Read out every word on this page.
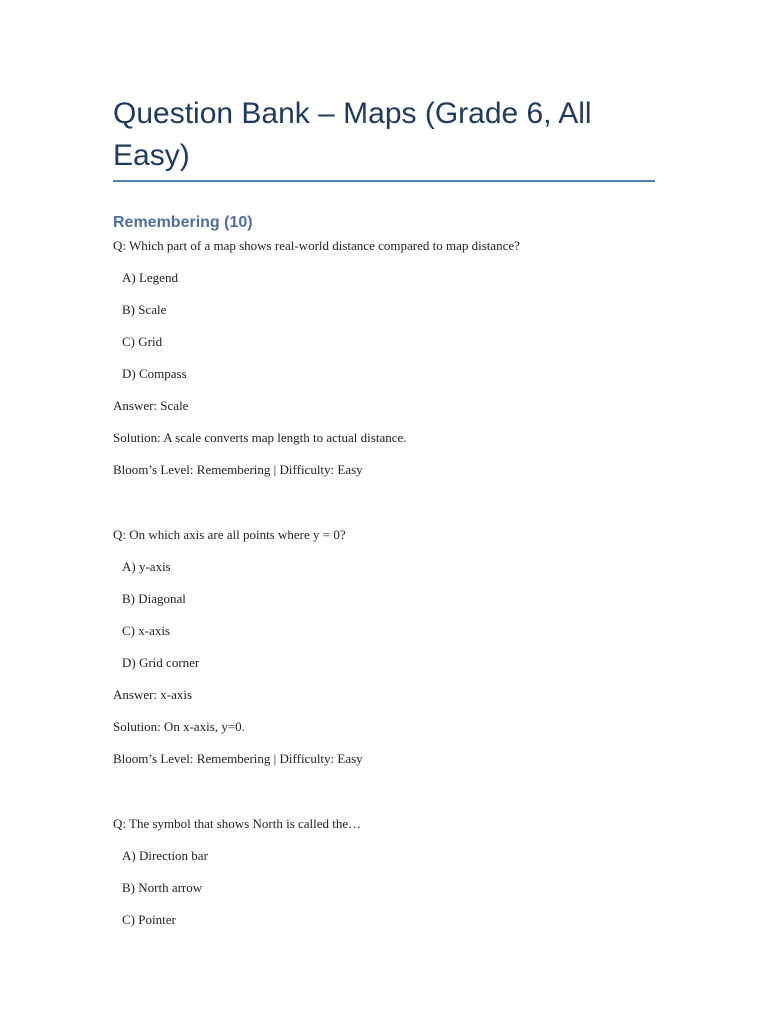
Question Bank – Maps (Grade 6, All Easy)
Remembering (10)

Q: Which part of a map shows real-world distance compared to map distance?

A) Legend

B) Scale

C) Grid

D) Compass

Answer: Scale

Solution: A scale converts map length to actual distance.

Bloom’s Level: Remembering | Difficulty: Easy

Q: On which axis are all points where y = 0?

A) y-axis

B) Diagonal

C) x-axis

D) Grid corner

Answer: x-axis

Solution: On x-axis, y=0.

Bloom’s Level: Remembering | Difficulty: Easy

Q: The symbol that shows North is called the…

A) Direction bar

B) North arrow

C) Pointer
